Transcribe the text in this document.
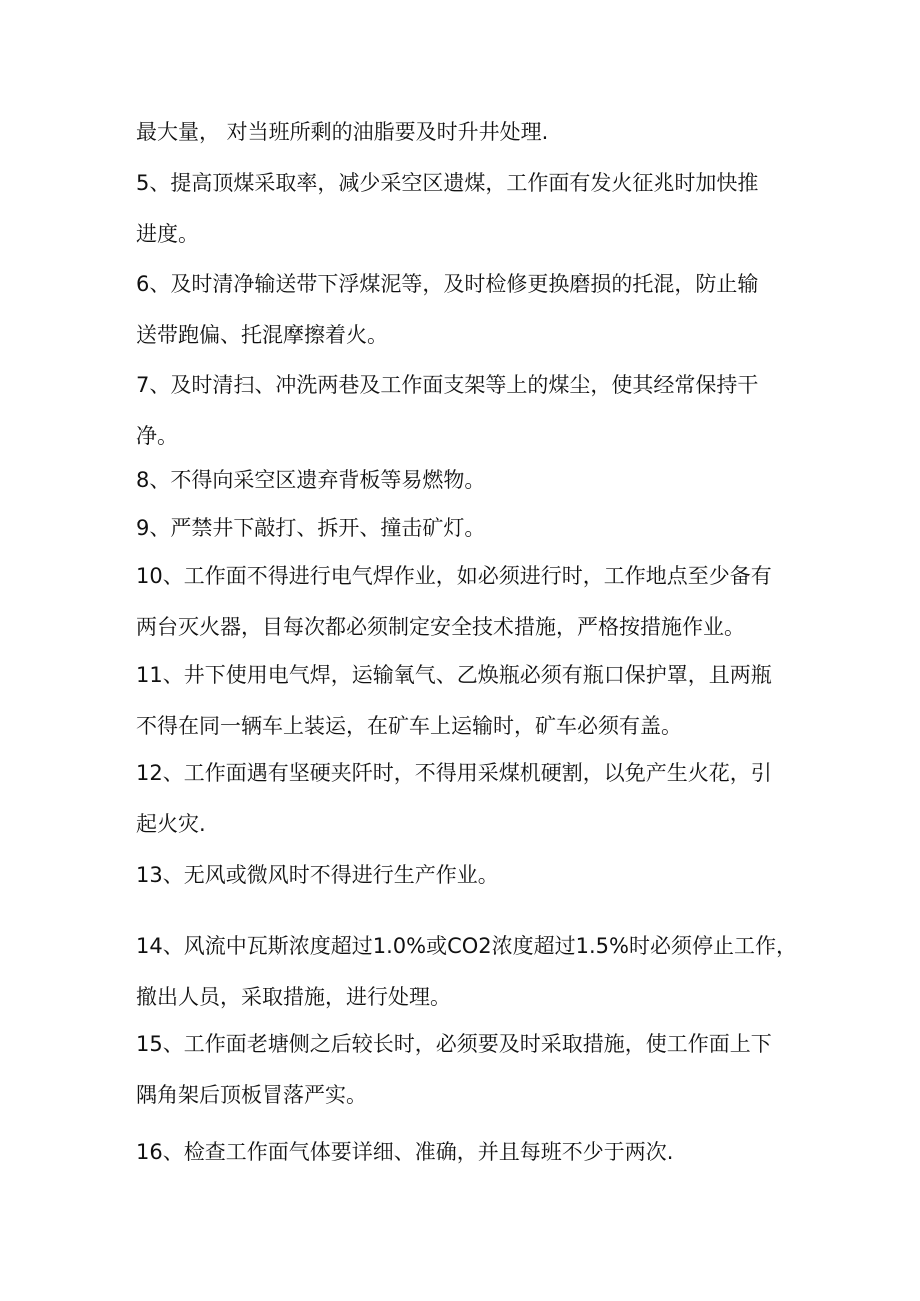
最大量， 对当班所剩的油脂要及时升井处理.

5、提高顶煤采取率，减少采空区遗煤，工作面有发火征兆时加快推
进度。

6、及时清净输送带下浮煤泥等，及时检修更换磨损的托混，防止输
送带跑偏、托混摩擦着火。

7、及时清扫、冲洗两巷及工作面支架等上的煤尘，使其经常保持干
净。

8、不得向采空区遗弃背板等易燃物。

9、严禁井下敲打、拆开、撞击矿灯。

10、工作面不得进行电气焊作业，如必须进行时，工作地点至少备有
两台灭火器，目每次都必须制定安全技术措施，严格按措施作业。

11、井下使用电气焊，运输氧气、乙焕瓶必须有瓶口保护罩，且两瓶
不得在同一辆车上装运，在矿车上运输时，矿车必须有盖。

12、工作面遇有坚硬夹阡时，不得用采煤机硬割，以免产生火花，引
起火灾.

13、无风或微风时不得进行生产作业。

14、风流中瓦斯浓度超过1.0%或CO2浓度超过1.5%时必须停止工作，
撤出人员，采取措施，进行处理。

15、工作面老塘侧之后较长时，必须要及时采取措施，使工作面上下
隅角架后顶板冒落严实。

16、检查工作面气体要详细、准确，并且每班不少于两次.
